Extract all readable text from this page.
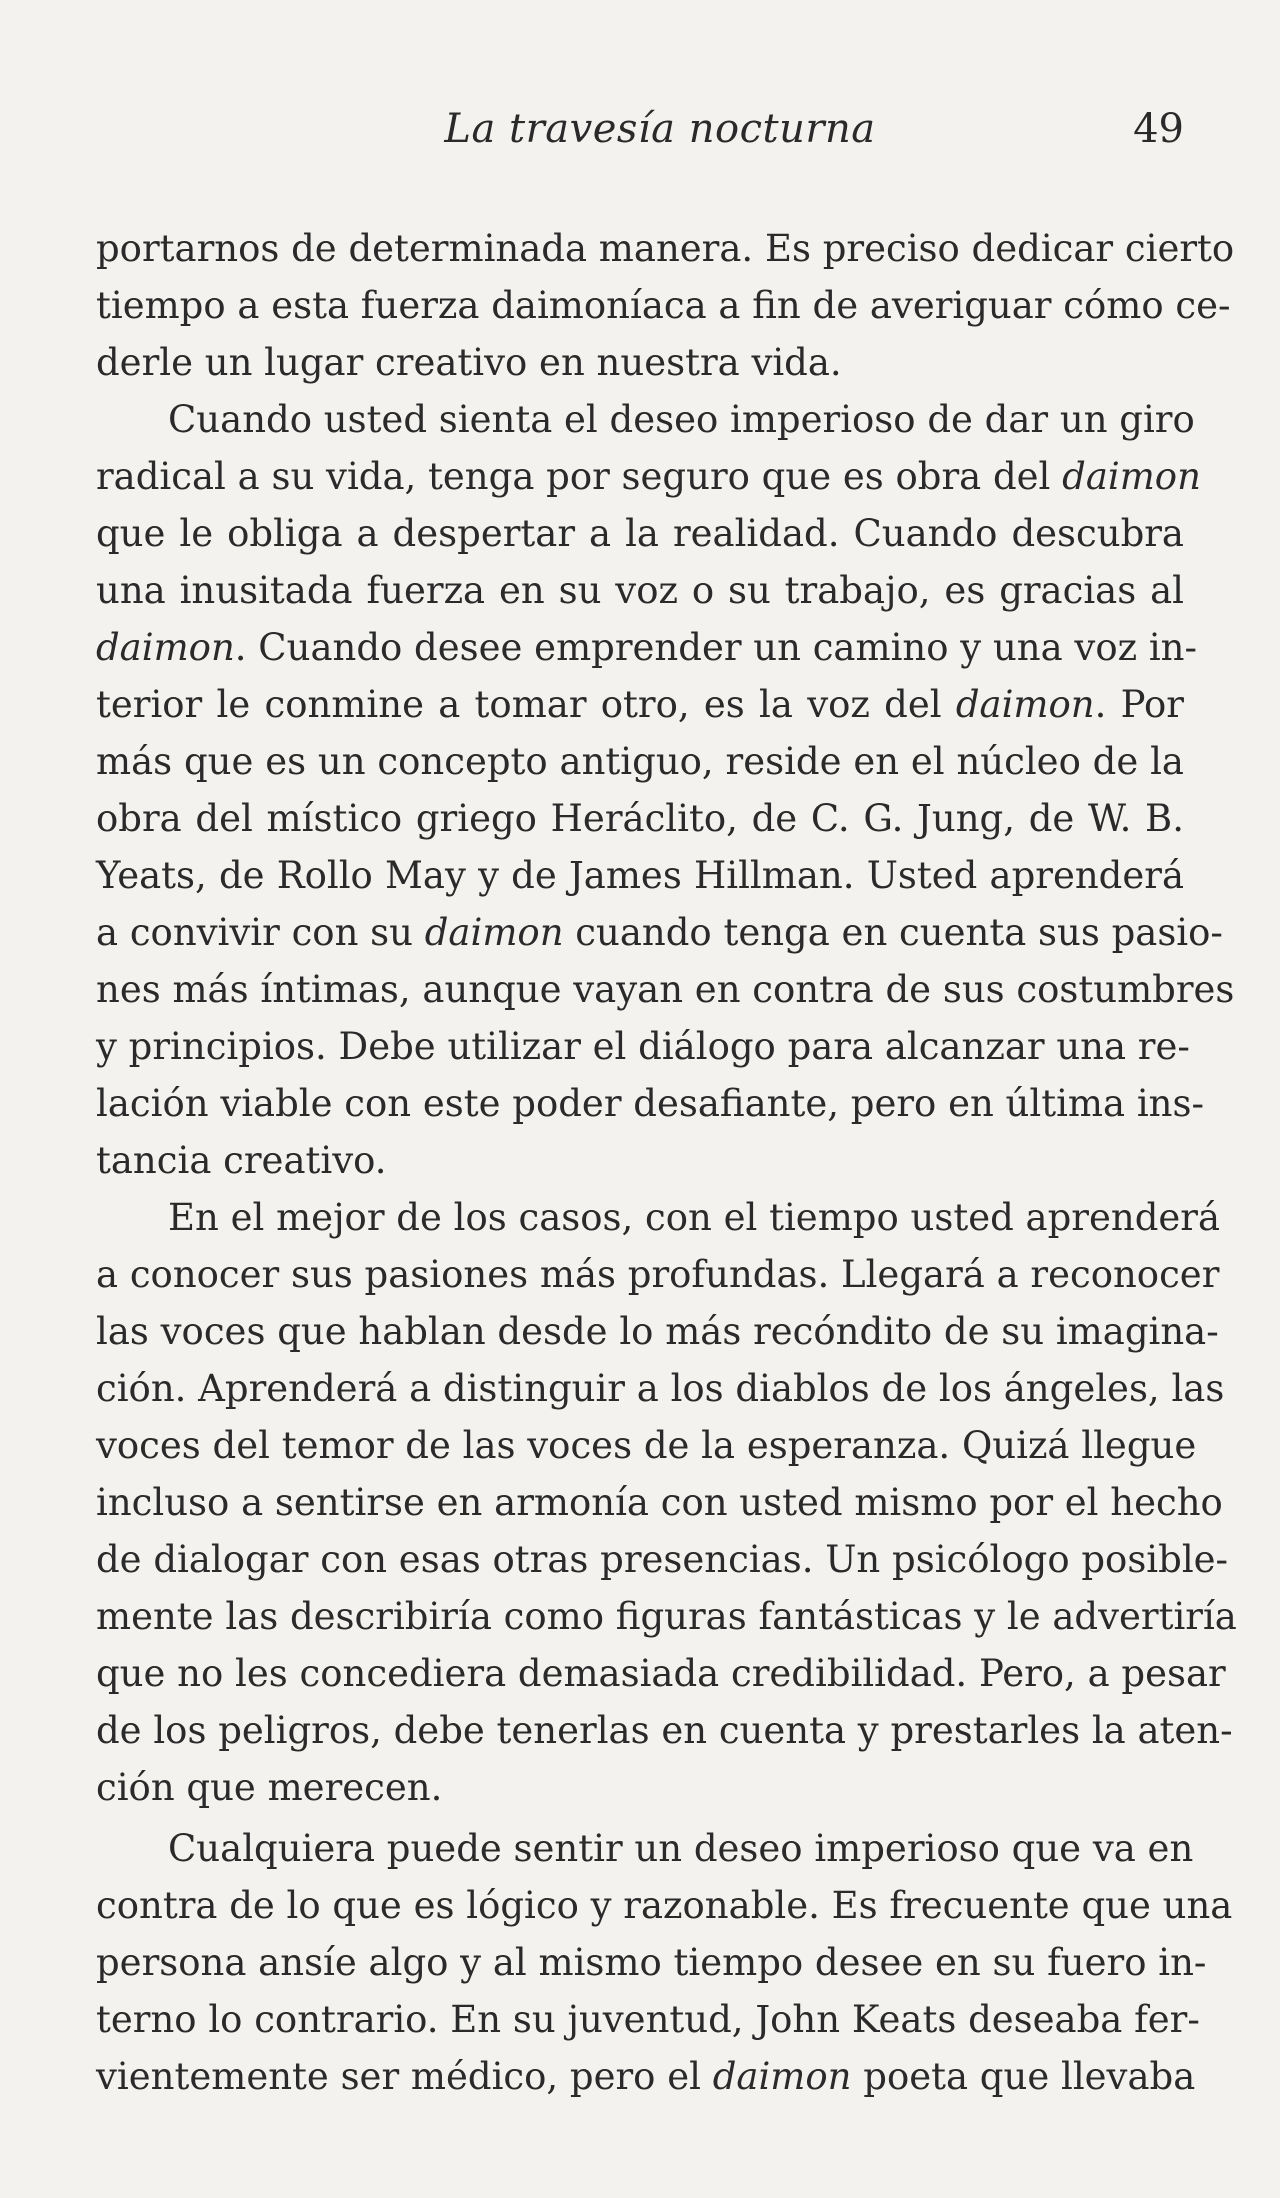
La travesía nocturna	49
portarnos de determinada manera. Es preciso dedicar cierto
tiempo a esta fuerza daimoníaca a fin de averiguar cómo ce-
derle un lugar creativo en nuestra vida.
Cuando usted sienta el deseo imperioso de dar un giro
radical a su vida, tenga por seguro que es obra del daimon
que le obliga a despertar a la realidad. Cuando descubra
una inusitada fuerza en su voz o su trabajo, es gracias al
daimon. Cuando desee emprender un camino y una voz in-
terior le conmine a tomar otro, es la voz del daimon. Por
más que es un concepto antiguo, reside en el núcleo de la
obra del místico griego Heráclito, de C. G. Jung, de W. B.
Yeats, de Rollo May y de James Hillman. Usted aprenderá
a convivir con su daimon cuando tenga en cuenta sus pasio-
nes más íntimas, aunque vayan en contra de sus costumbres
y principios. Debe utilizar el diálogo para alcanzar una re-
lación viable con este poder desafiante, pero en última ins-
tancia creativo.
En el mejor de los casos, con el tiempo usted aprenderá
a conocer sus pasiones más profundas. Llegará a reconocer
las voces que hablan desde lo más recóndito de su imagina-
ción. Aprenderá a distinguir a los diablos de los ángeles, las
voces del temor de las voces de la esperanza. Quizá llegue
incluso a sentirse en armonía con usted mismo por el hecho
de dialogar con esas otras presencias. Un psicólogo posible-
mente las describiría como figuras fantásticas y le advertiría
que no les concediera demasiada credibilidad. Pero, a pesar
de los peligros, debe tenerlas en cuenta y prestarles la aten-
ción que merecen.
Cualquiera puede sentir un deseo imperioso que va en
contra de lo que es lógico y razonable. Es frecuente que una
persona ansíe algo y al mismo tiempo desee en su fuero in-
terno lo contrario. En su juventud, John Keats deseaba fer-
vientemente ser médico, pero el daimon poeta que llevaba
